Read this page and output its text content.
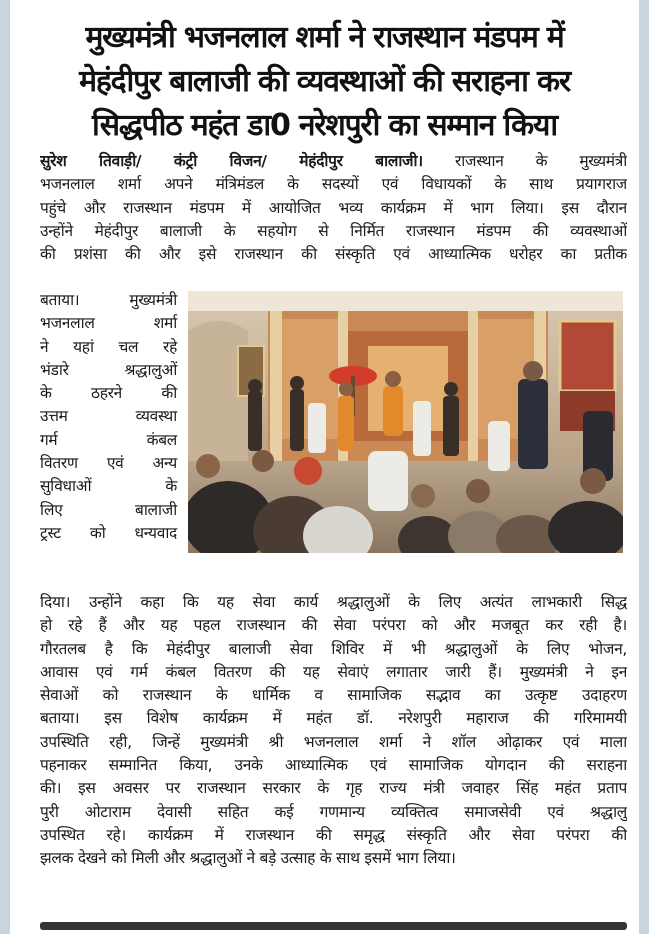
मुख्यमंत्री भजनलाल शर्मा ने राजस्थान मंडपम में
मेहंदीपुर बालाजी की व्यवस्थाओं की सराहना कर
सिद्धपीठ महंत डा0 नरेशपुरी का सम्मान किया
सुरेश तिवाड़ी/ कंट्री विजन/ मेहंदीपुर बालाजी। राजस्थान के मुख्यमंत्री
भजनलाल शर्मा अपने मंत्रिमंडल के सदस्यों एवं विधायकों के साथ प्रयागराज
पहुंचे और राजस्थान मंडपम में आयोजित भव्य कार्यक्रम में भाग लिया। इस दौरान
उन्होंने मेहंदीपुर बालाजी के सहयोग से निर्मित राजस्थान मंडपम की व्यवस्थाओं
की प्रशंसा की और इसे राजस्थान की संस्कृति एवं आध्यात्मिक धरोहर का प्रतीक
बताया। मुख्यमंत्री
भजनलाल शर्मा
ने यहां चल रहे
भंडारे श्रद्धालुओं
के ठहरने की
उत्तम व्यवस्था
गर्म कंबल
वितरण एवं अन्य
सुविधाओं के
लिए बालाजी
ट्रस्ट को धन्यवाद
दिया। उन्होंने कहा कि यह सेवा कार्य श्रद्धालुओं के लिए अत्यंत लाभकारी सिद्ध
हो रहे हैं और यह पहल राजस्थान की सेवा परंपरा को और मजबूत कर रही है।
गौरतलब है कि मेहंदीपुर बालाजी सेवा शिविर में भी श्रद्धालुओं के लिए भोजन,
आवास एवं गर्म कंबल वितरण की यह सेवाएं लगातार जारी हैं। मुख्यमंत्री ने इन
सेवाओं को राजस्थान के धार्मिक व सामाजिक सद्भाव का उत्कृष्ट उदाहरण
बताया। इस विशेष कार्यक्रम में महंत डॉ. नरेशपुरी महाराज की गरिमामयी
उपस्थिति रही, जिन्हें मुख्यमंत्री श्री भजनलाल शर्मा ने शॉल ओढ़ाकर एवं माला
पहनाकर सम्मानित किया, उनके आध्यात्मिक एवं सामाजिक योगदान की सराहना
की। इस अवसर पर राजस्थान सरकार के गृह राज्य मंत्री जवाहर सिंह महंत प्रताप
पुरी ओटाराम देवासी सहित कई गणमान्य व्यक्तित्व समाजसेवी एवं श्रद्धालु
उपस्थित रहे। कार्यक्रम में राजस्थान की समृद्ध संस्कृति और सेवा परंपरा की
झलक देखने को मिली और श्रद्धालुओं ने बड़े उत्साह के साथ इसमें भाग लिया।
